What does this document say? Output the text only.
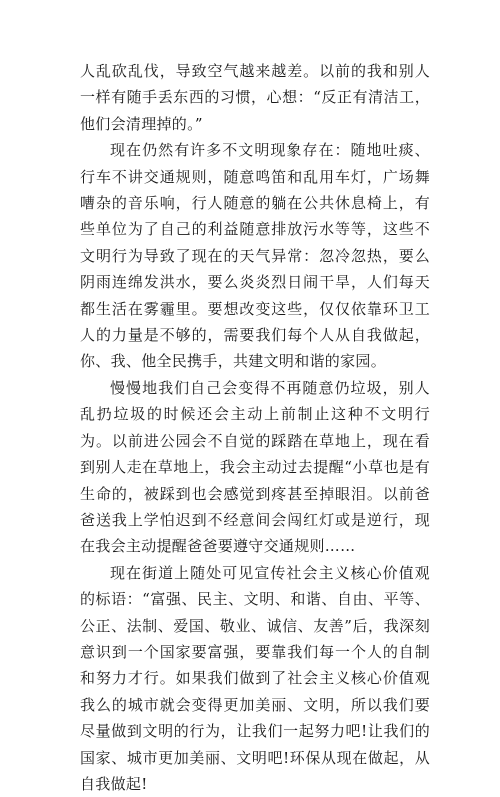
人乱砍乱伐，导致空气越来越差。以前的我和别人一样有随手丢东西的习惯，心想：“反正有清洁工，他们会清理掉的。”

现在仍然有许多不文明现象存在：随地吐痰、行车不讲交通规则，随意鸣笛和乱用车灯，广场舞嘈杂的音乐响，行人随意的躺在公共休息椅上，有些单位为了自己的利益随意排放污水等等，这些不文明行为导致了现在的天气异常：忽冷忽热，要么阴雨连绵发洪水，要么炎炎烈日闹干旱，人们每天都生活在雾霾里。要想改变这些，仅仅依靠环卫工人的力量是不够的，需要我们每个人从自我做起，你、我、他全民携手，共建文明和谐的家园。

慢慢地我们自己会变得不再随意仍垃圾，别人乱扔垃圾的时候还会主动上前制止这种不文明行为。以前进公园会不自觉的踩踏在草地上，现在看到别人走在草地上，我会主动过去提醒“小草也是有生命的，被踩到也会感觉到疼甚至掉眼泪。以前爸爸送我上学怕迟到不经意间会闯红灯或是逆行，现在我会主动提醒爸爸要遵守交通规则……

现在街道上随处可见宣传社会主义核心价值观的标语：“富强、民主、文明、和谐、自由、平等、公正、法制、爱国、敬业、诚信、友善”后，我深刻意识到一个国家要富强，要靠我们每一个人的自制和努力才行。如果我们做到了社会主义核心价值观我么的城市就会变得更加美丽、文明，所以我们要尽量做到文明的行为，让我们一起努力吧!让我们的国家、城市更加美丽、文明吧!环保从现在做起，从自我做起!
